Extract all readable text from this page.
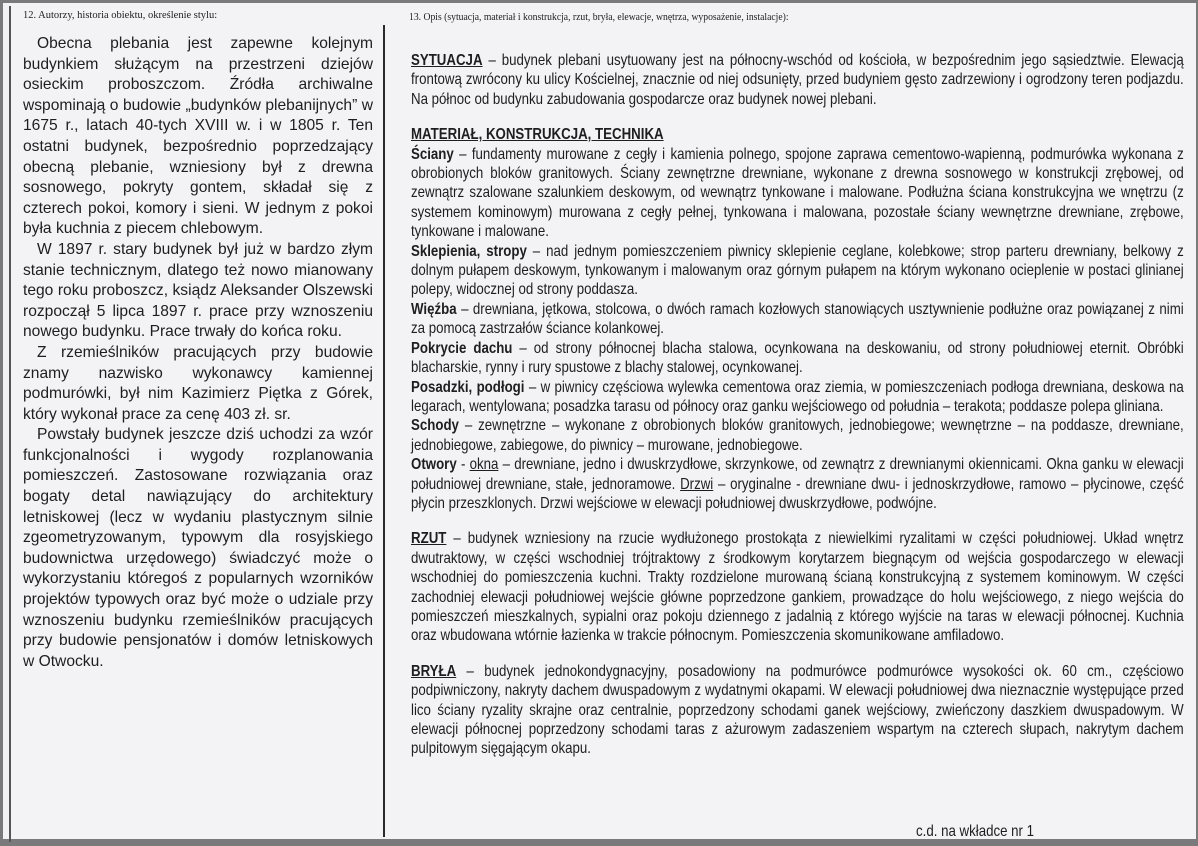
12. Autorzy, historia obiektu, określenie stylu:

Obecna plebania jest zapewne kolejnym budynkiem służącym na przestrzeni dziejów osieckim proboszczom. Źródła archiwalne wspominają o budowie „budynków plebanijnych” w 1675 r., latach 40-tych XVIII w. i w 1805 r. Ten ostatni budynek, bezpośrednio poprzedzający obecną plebanie, wzniesiony był z drewna sosnowego, pokryty gontem, składał się z czterech pokoi, komory i sieni. W jednym z pokoi była kuchnia z piecem chlebowym.

W 1897 r. stary budynek był już w bardzo złym stanie technicznym, dlatego też nowo mianowany tego roku proboszcz, ksiądz Aleksander Olszewski rozpoczął 5 lipca 1897 r. prace przy wznoszeniu nowego budynku. Prace trwały do końca roku.

Z rzemieślników pracujących przy budowie znamy nazwisko wykonawcy kamiennej podmurówki, był nim Kazimierz Piętka z Górek, który wykonał prace za cenę 403 zł. sr.

Powstały budynek jeszcze dziś uchodzi za wzór funkcjonalności i wygody rozplanowania pomieszczeń. Zastosowane rozwiązania oraz bogaty detal nawiązujący do architektury letniskowej (lecz w wydaniu plastycznym silnie zgeometryzowanym, typowym dla rosyjskiego budownictwa urzędowego) świadczyć może o wykorzystaniu któregoś z popularnych wzorników projektów typowych oraz być może o udziale przy wznoszeniu budynku rzemieślników pracujących przy budowie pensjonatów i domów letniskowych w Otwocku.

13. Opis (sytuacja, materiał i konstrukcja, rzut, bryła, elewacje, wnętrza, wyposażenie, instalacje):

SYTUACJA – budynek plebani usytuowany jest na północny-wschód od kościoła, w bezpośrednim jego sąsiedztwie. Elewacją frontową zwrócony ku ulicy Kościelnej, znacznie od niej odsunięty, przed budyniem gęsto zadrzewiony i ogrodzony teren podjazdu. Na północ od budynku zabudowania gospodarcze oraz budynek nowej plebani.

MATERIAŁ, KONSTRUKCJA, TECHNIKA

Ściany – fundamenty murowane z cegły i kamienia polnego, spojone zaprawa cementowo-wapienną, podmurówka wykonana z obrobionych bloków granitowych. Ściany zewnętrzne drewniane, wykonane z drewna sosnowego w konstrukcji zrębowej, od zewnątrz szalowane szalunkiem deskowym, od wewnątrz tynkowane i malowane. Podłużna ściana konstrukcyjna we wnętrzu (z systemem kominowym) murowana z cegły pełnej, tynkowana i malowana, pozostałe ściany wewnętrzne drewniane, zrębowe, tynkowane i malowane.

Sklepienia, stropy – nad jednym pomieszczeniem piwnicy sklepienie ceglane, kolebkowe; strop parteru drewniany, belkowy z dolnym pułapem deskowym, tynkowanym i malowanym oraz górnym pułapem na którym wykonano ocieplenie w postaci glinianej polepy, widocznej od strony poddasza.

Więźba – drewniana, jętkowa, stolcowa, o dwóch ramach kozłowych stanowiących usztywnienie podłużne oraz powiązanej z nimi za pomocą zastrzałów ściance kolankowej.

Pokrycie dachu – od strony północnej blacha stalowa, ocynkowana na deskowaniu, od strony południowej eternit. Obróbki blacharskie, rynny i rury spustowe z blachy stalowej, ocynkowanej.

Posadzki, podłogi – w piwnicy częściowa wylewka cementowa oraz ziemia, w pomieszczeniach podłoga drewniana, deskowa na legarach, wentylowana; posadzka tarasu od północy oraz ganku wejściowego od południa – terakota; poddasze polepa gliniana.

Schody – zewnętrzne – wykonane z obrobionych bloków granitowych, jednobiegowe; wewnętrzne – na poddasze, drewniane, jednobiegowe, zabiegowe, do piwnicy – murowane, jednobiegowe.

Otwory - okna – drewniane, jedno i dwuskrzydłowe, skrzynkowe, od zewnątrz z drewnianymi okiennicami. Okna ganku w elewacji południowej drewniane, stałe, jednoramowe. Drzwi – oryginalne - drewniane dwu- i jednoskrzydłowe, ramowo – płycinowe, część płycin przeszklonych. Drzwi wejściowe w elewacji południowej dwuskrzydłowe, podwójne.

RZUT – budynek wzniesiony na rzucie wydłużonego prostokąta z niewielkimi ryzalitami w części południowej. Układ wnętrz dwutraktowy, w części wschodniej trójtraktowy z środkowym korytarzem biegnącym od wejścia gospodarczego w elewacji wschodniej do pomieszczenia kuchni. Trakty rozdzielone murowaną ścianą konstrukcyjną z systemem kominowym. W części zachodniej elewacji południowej wejście główne poprzedzone gankiem, prowadzące do holu wejściowego, z niego wejścia do pomieszczeń mieszkalnych, sypialni oraz pokoju dziennego z jadalnią z którego wyjście na taras w elewacji północnej. Kuchnia oraz wbudowana wtórnie łazienka w trakcie północnym. Pomieszczenia skomunikowane amfiladowo.

BRYŁA – budynek jednokondygnacyjny, posadowiony na podmurówce podmurówce wysokości ok. 60 cm., częściowo podpiwniczony, nakryty dachem dwuspadowym z wydatnymi okapami. W elewacji południowej dwa nieznacznie występujące przed lico ściany ryzality skrajne oraz centralnie, poprzedzony schodami ganek wejściowy, zwieńczony daszkiem dwuspadowym. W elewacji północnej poprzedzony schodami taras z ażurowym zadaszeniem wspartym na czterech słupach, nakrytym dachem pulpitowym sięgającym okapu.

c.d. na wkładce nr 1
